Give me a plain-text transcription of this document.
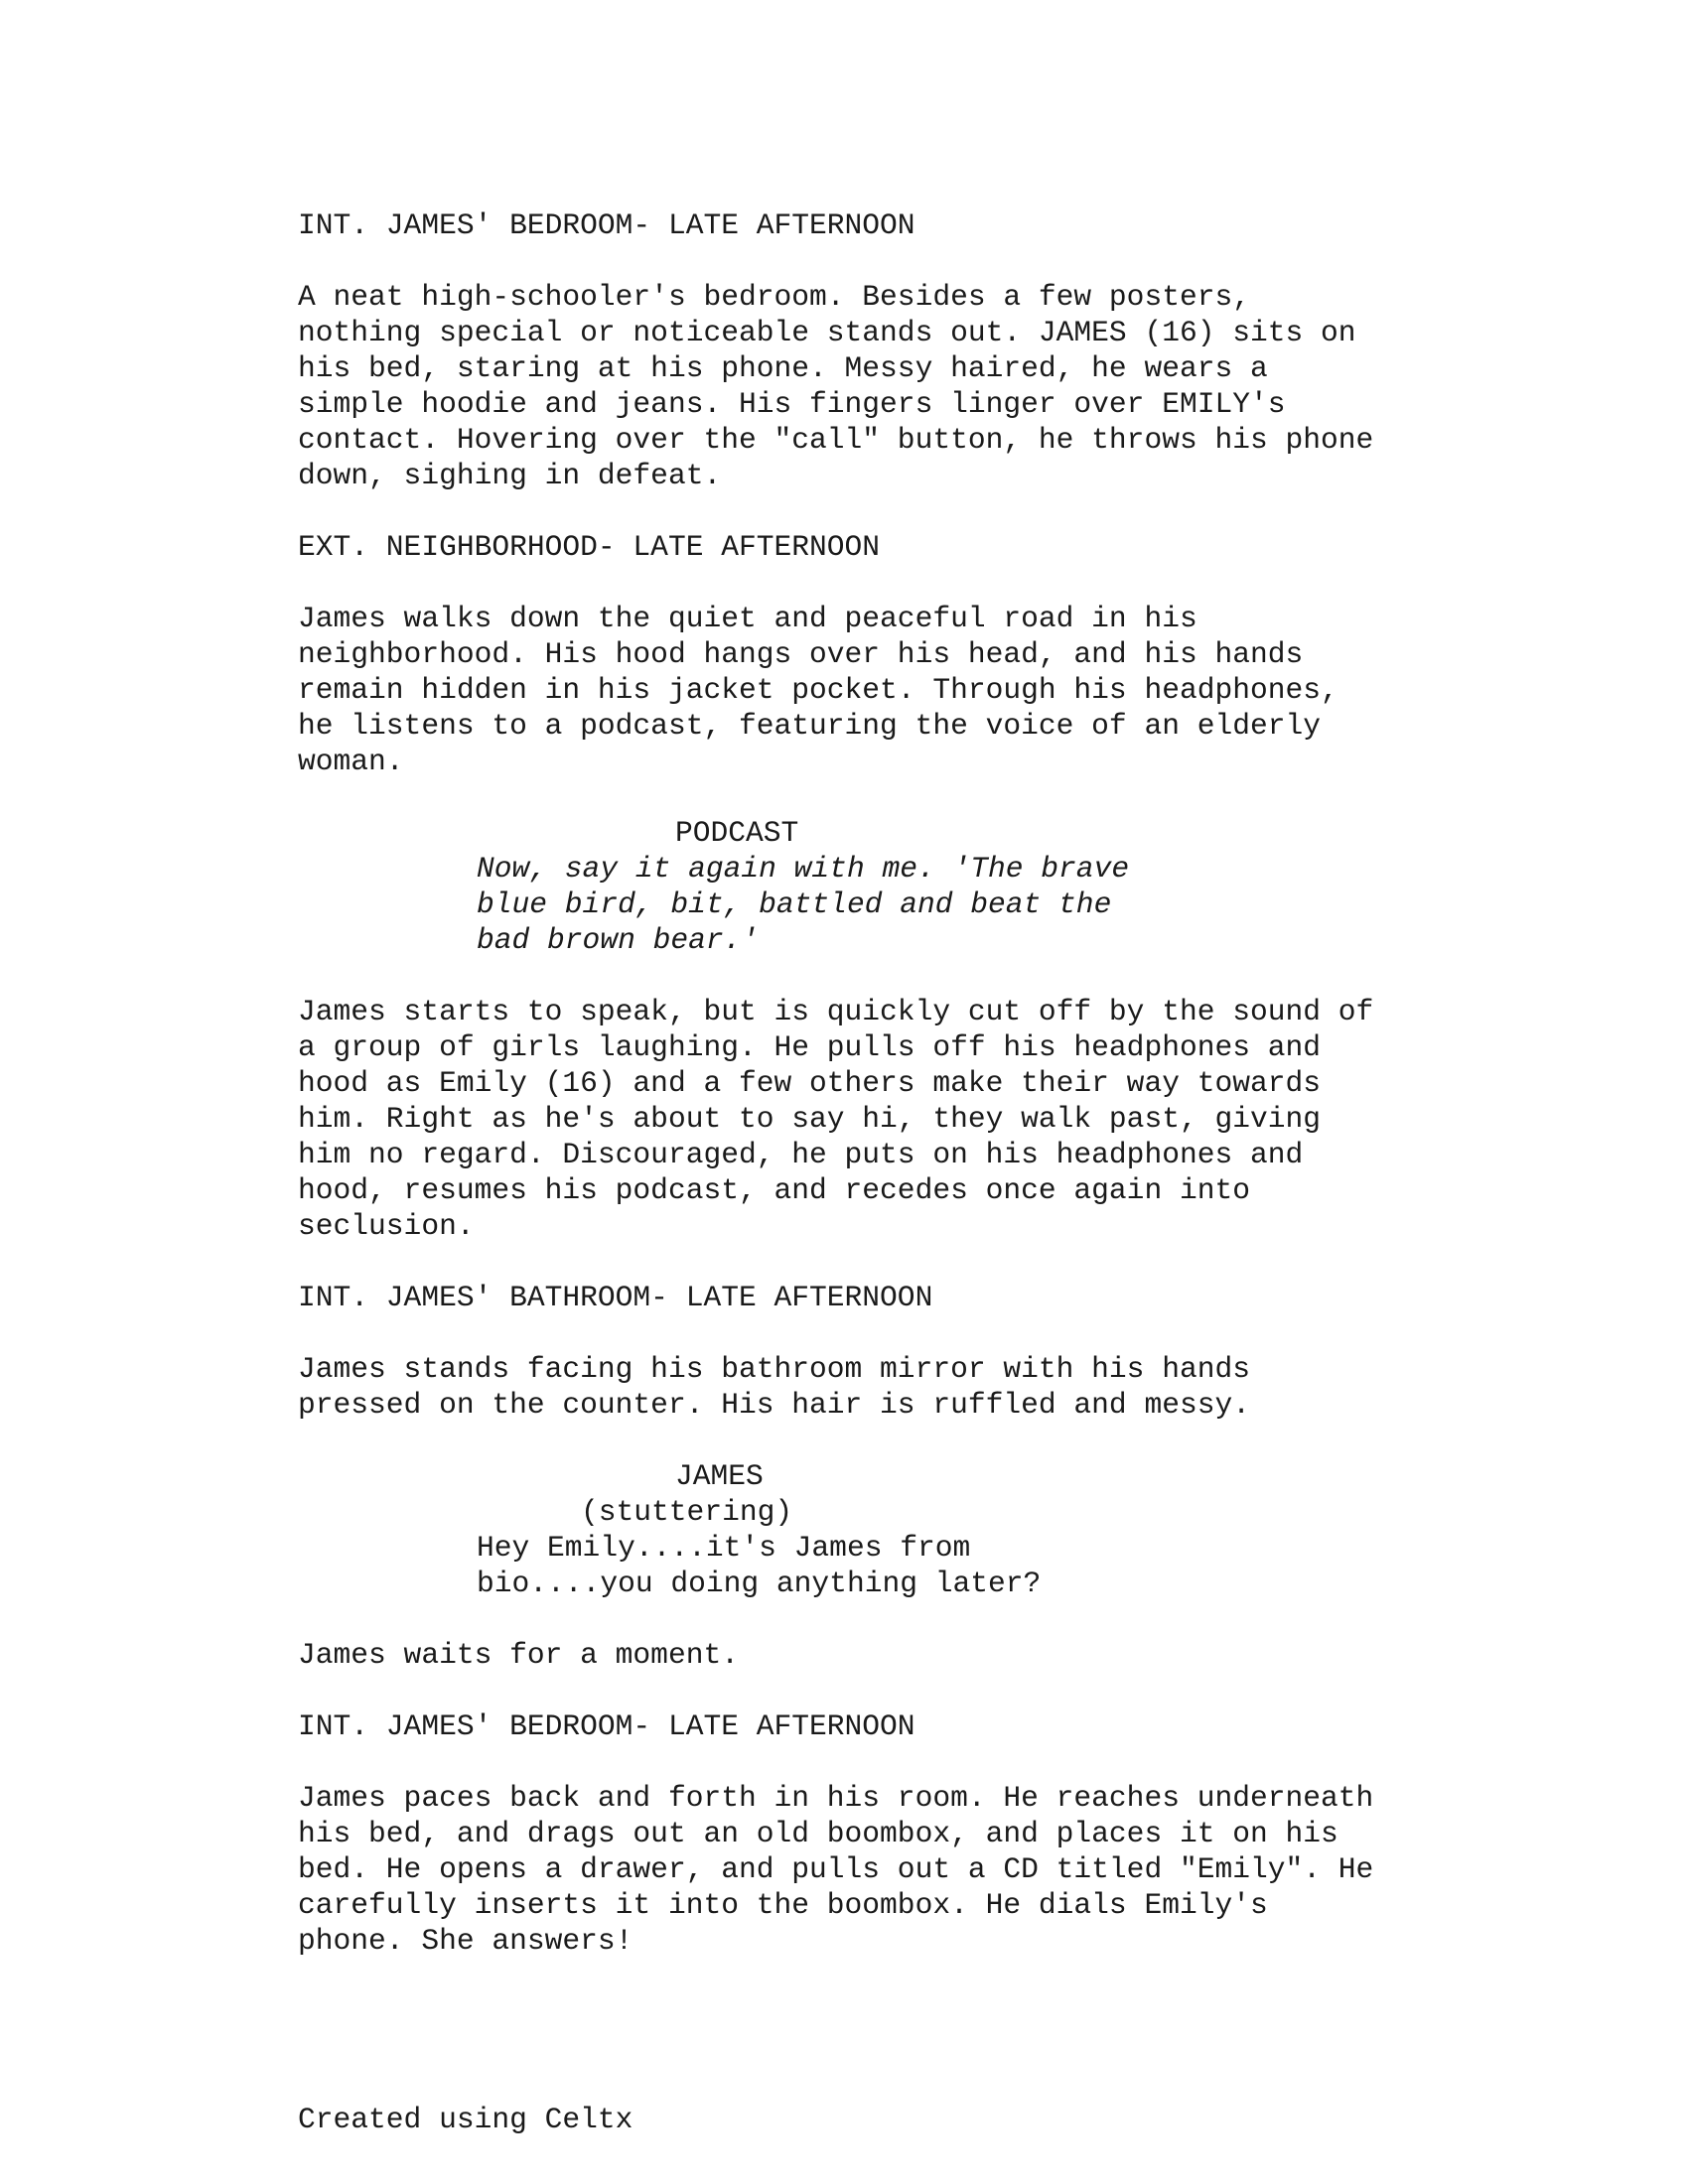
INT. JAMES' BEDROOM- LATE AFTERNOON
A neat high-schooler's bedroom. Besides a few posters,
nothing special or noticeable stands out. JAMES (16) sits on
his bed, staring at his phone. Messy haired, he wears a
simple hoodie and jeans. His fingers linger over EMILY's
contact. Hovering over the "call" button, he throws his phone
down, sighing in defeat.
EXT. NEIGHBORHOOD- LATE AFTERNOON
James walks down the quiet and peaceful road in his
neighborhood. His hood hangs over his head, and his hands
remain hidden in his jacket pocket. Through his headphones,
he listens to a podcast, featuring the voice of an elderly
woman.
PODCAST
Now, say it again with me. 'The brave
blue bird, bit, battled and beat the
bad brown bear.'
James starts to speak, but is quickly cut off by the sound of
a group of girls laughing. He pulls off his headphones and
hood as Emily (16) and a few others make their way towards
him. Right as he's about to say hi, they walk past, giving
him no regard. Discouraged, he puts on his headphones and
hood, resumes his podcast, and recedes once again into
seclusion.
INT. JAMES' BATHROOM- LATE AFTERNOON
James stands facing his bathroom mirror with his hands
pressed on the counter. His hair is ruffled and messy.
JAMES
(stuttering)
Hey Emily....it's James from
bio....you doing anything later?
James waits for a moment.
INT. JAMES' BEDROOM- LATE AFTERNOON
James paces back and forth in his room. He reaches underneath
his bed, and drags out an old boombox, and places it on his
bed. He opens a drawer, and pulls out a CD titled "Emily". He
carefully inserts it into the boombox. He dials Emily's
phone. She answers!
Created using Celtx
